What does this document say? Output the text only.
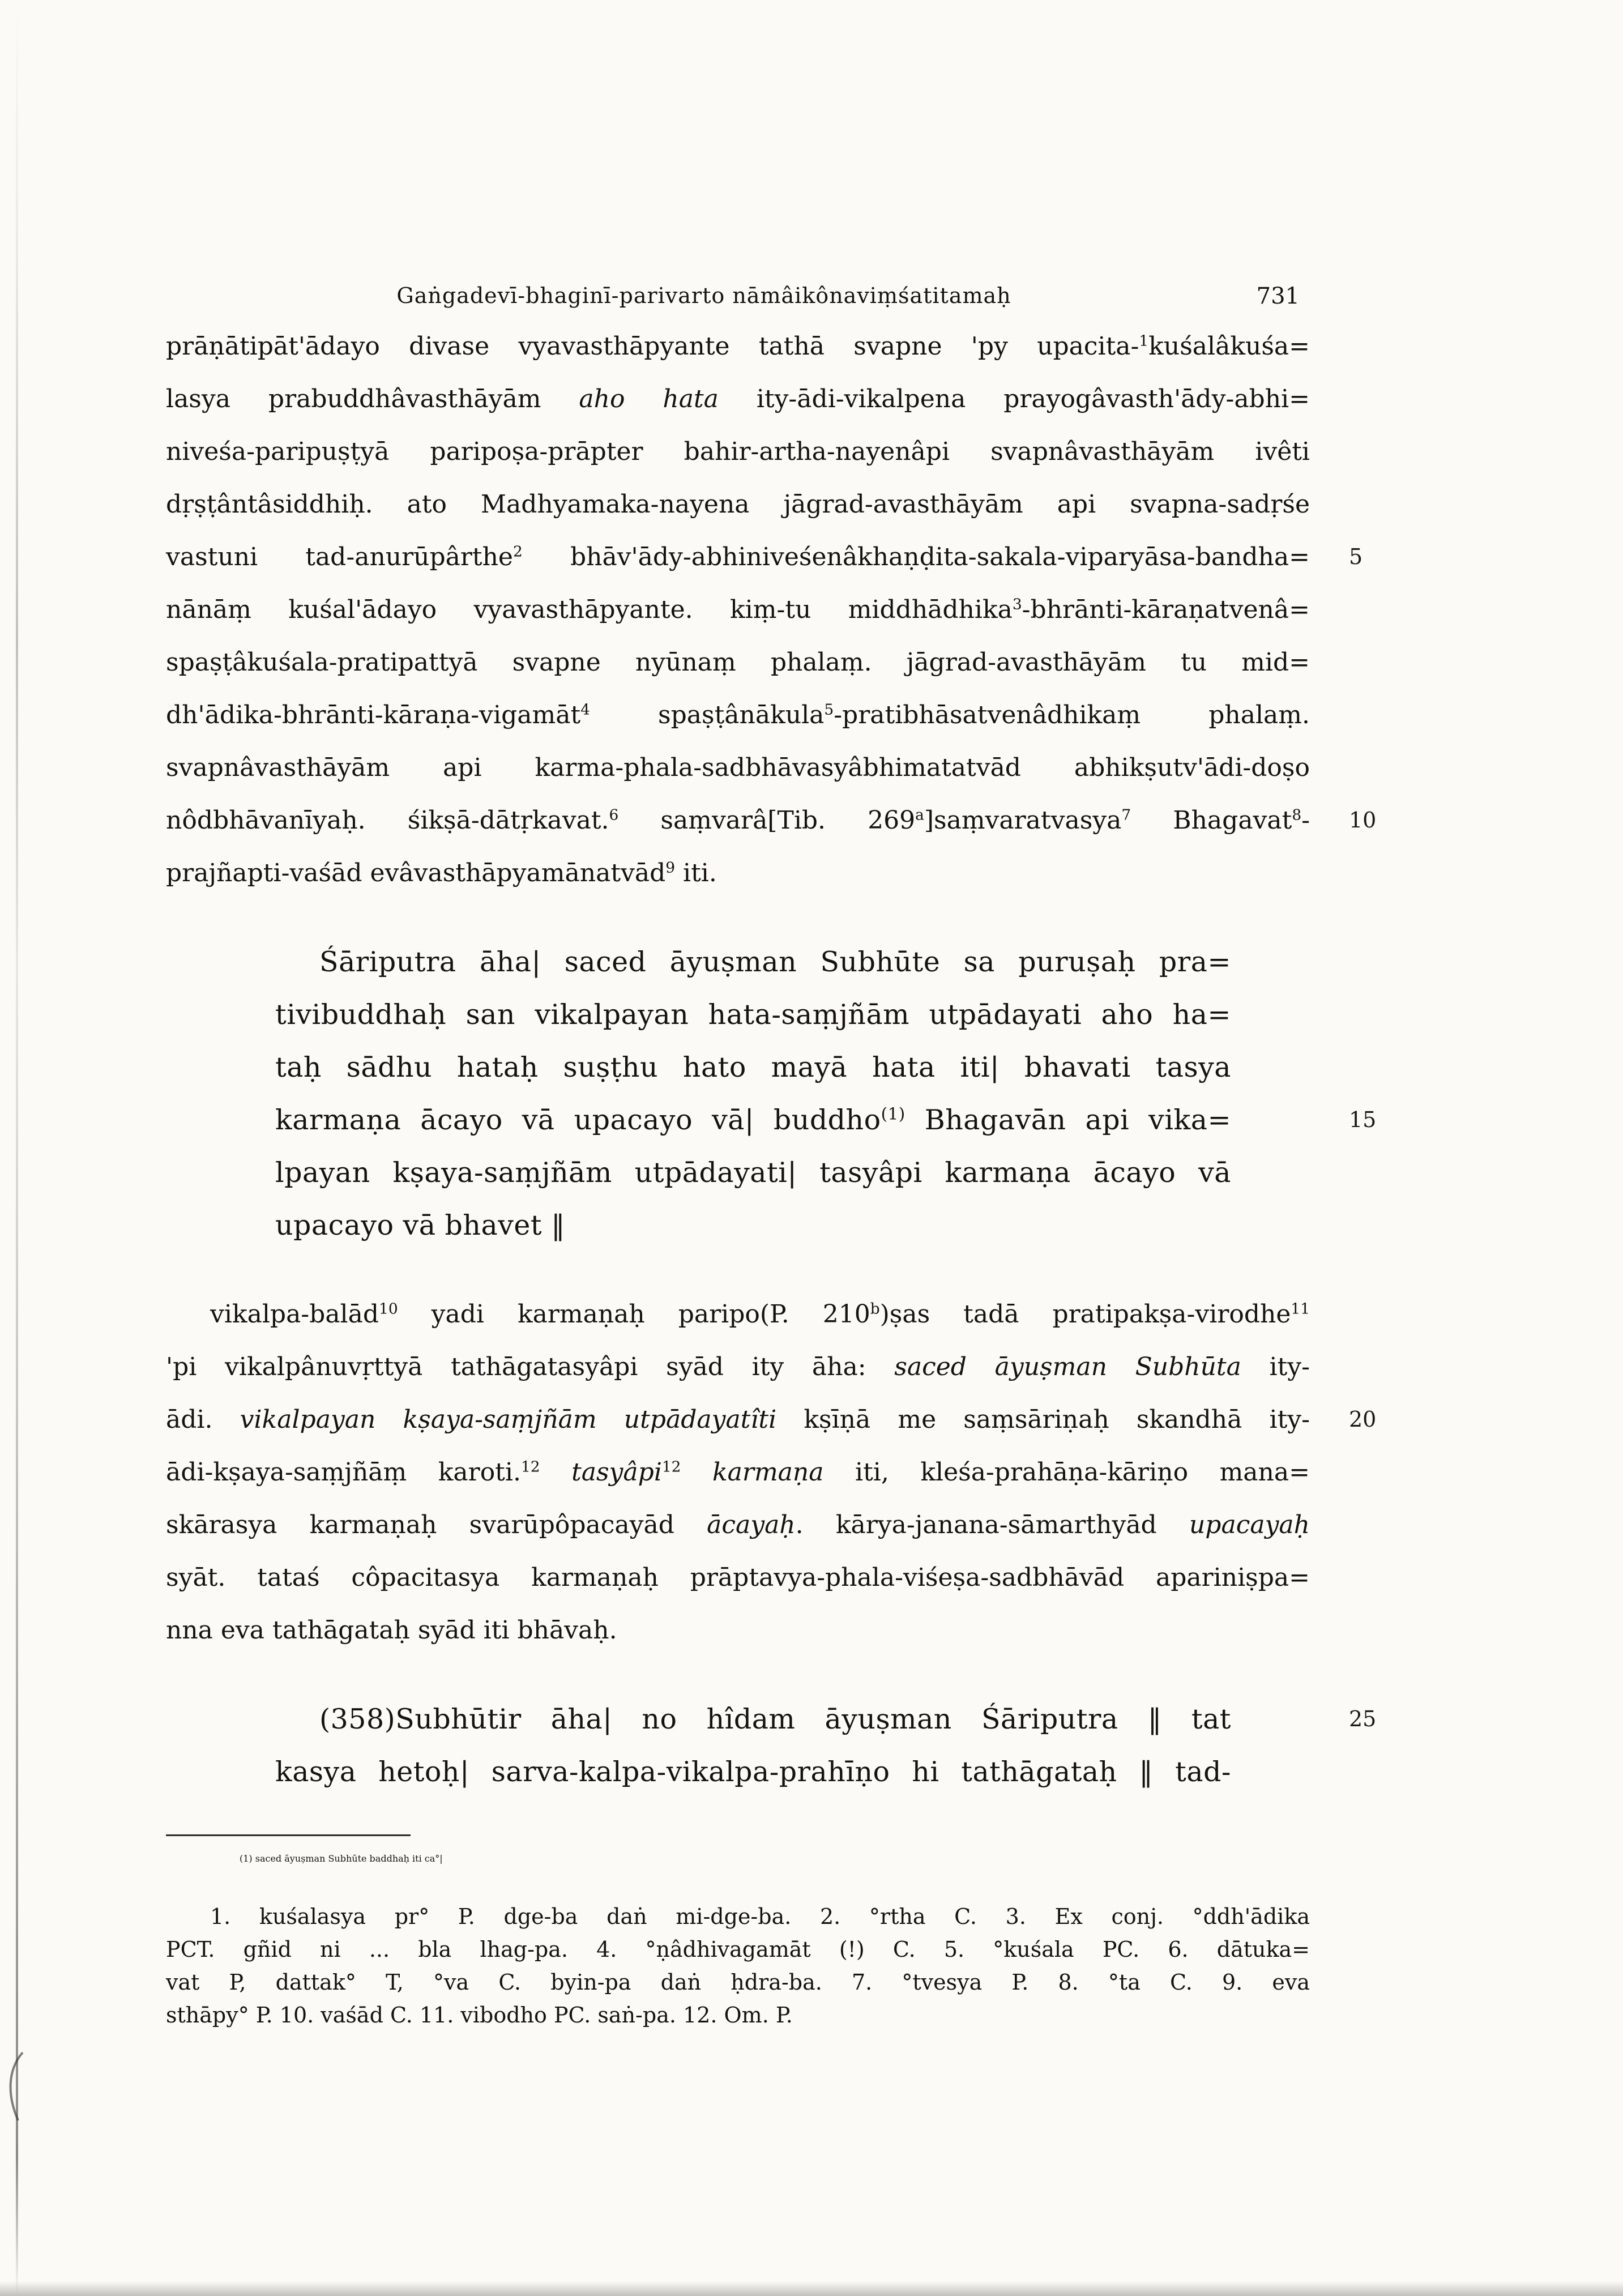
Gaṅgadevī-bhaginī-parivarto nāmâikônaviṃśatitamaḥ	731
prāṇātipāt'ādayo divase vyavasthāpyante tathā svapne 'py upacita-$^1$kuśalâkuśa=
lasya prabuddhâvasthāyām aho hata ity-ādi-vikalpena prayogâvasth'ādy-abhi=
niveśa-paripuṣṭyā paripoṣa-prāpter bahir-artha-nayenâpi svapnâvasthāyām ivêti
dṛṣṭântâsiddhiḥ. ato Madhyamaka-nayena jāgrad-avasthāyām api svapna-sadṛśe
vastuni tad-anurūpârthe$^2$ bhāv'ādy-abhiniveśenâkhaṇḍita-sakala-viparyāsa-bandha=
nānāṃ kuśal'ādayo vyavasthāpyante. kiṃ-tu middhādhika$^3$-bhrānti-kāraṇatvenâ=
spaṣṭâkuśala-pratipattyā svapne nyūnaṃ phalaṃ. jāgrad-avasthāyām tu mid=
dh'ādika-bhrānti-kāraṇa-vigamāt$^4$ spaṣṭânākula$^5$-pratibhāsatvenâdhikaṃ phalaṃ.
svapnâvasthāyām api karma-phala-sadbhāvasyâbhimatatvād abhikṣutv'ādi-doṣo
nôdbhāvanīyaḥ. śikṣā-dātṛkavat.$^6$ saṃvarâ[Tib. 269$^a$]saṃvaratvasya$^7$ Bhagavat$^8$-
prajñapti-vaśād evâvasthāpyamānatvād$^9$ iti.
Śāriputra āha| saced āyuṣman Subhūte sa puruṣaḥ pra=
tivibuddhaḥ san vikalpayan hata-saṃjñām utpādayati aho ha=
taḥ sādhu hataḥ suṣṭhu hato mayā hata iti| bhavati tasya
karmaṇa ācayo vā upacayo vā| buddho$^{(1)}$ Bhagavān api vika=
lpayan kṣaya-saṃjñām utpādayati| tasyâpi karmaṇa ācayo vā
upacayo vā bhavet ‖
vikalpa-balād$^{10}$ yadi karmaṇaḥ paripo(P. 210$^b$)ṣas tadā pratipakṣa-virodhe$^{11}$
'pi vikalpânuvṛttyā tathāgatasyâpi syād ity āha: saced āyuṣman Subhūta ity-
ādi. vikalpayan kṣaya-saṃjñām utpādayatîti kṣīṇā me saṃsāriṇaḥ skandhā ity-
ādi-kṣaya-saṃjñāṃ karoti.$^{12}$ tasyâpi$^{12}$ karmaṇa iti, kleśa-prahāṇa-kāriṇo mana=
skārasya karmaṇaḥ svarūpôpacayād ācayaḥ. kārya-janana-sāmarthyād upacayaḥ
syāt. tataś côpacitasya karmaṇaḥ prāptavya-phala-viśeṣa-sadbhāvād apariniṣpa=
nna eva tathāgataḥ syād iti bhāvaḥ.
(358)Subhūtir āha| no hîdam āyuṣman Śāriputra ‖ tat
kasya hetoḥ| sarva-kalpa-vikalpa-prahīṇo hi tathāgataḥ ‖ tad-
(1) saced āyuṣman Subhūte baddhaḥ iti ca°|
1. kuśalasya pr° P. dge-ba daṅ mi-dge-ba. 2. °rtha C. 3. Ex conj. °ddh'ādika
PCT. gñid ni ... bla lhag-pa. 4. °ṇâdhivagamāt (!) C. 5. °kuśala PC. 6. dātuka=
vat P, dattak° T, °va C. byin-pa daṅ ḥdra-ba. 7. °tvesya P. 8. °ta C. 9. eva
sthāpy° P. 10. vaśād C. 11. vibodho PC. saṅ-pa. 12. Om. P.
5
10
15
20
25
